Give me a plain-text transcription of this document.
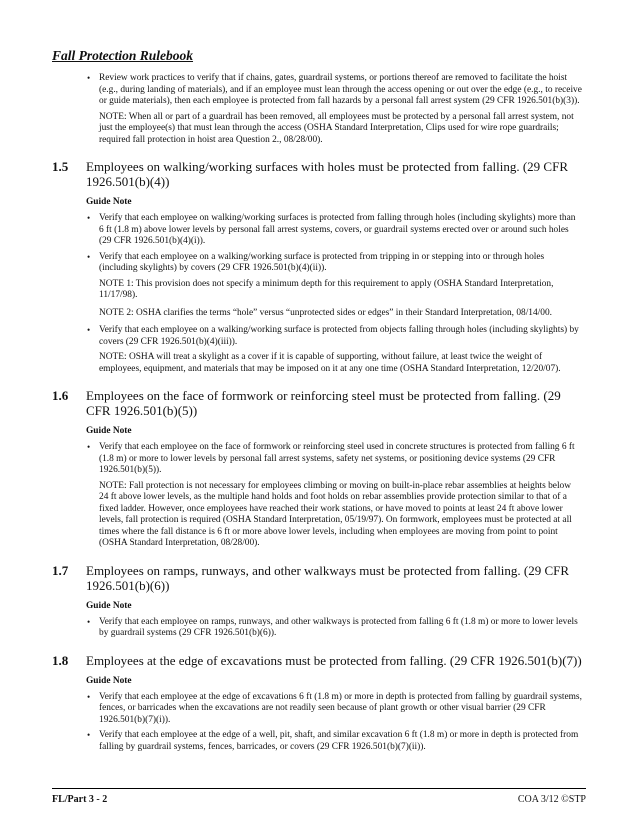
Fall Protection Rulebook
• Review work practices to verify that if chains, gates, guardrail systems, or portions thereof are removed to facilitate the hoist (e.g., during landing of materials), and if an employee must lean through the access opening or out over the edge (e.g., to receive or guide materials), then each employee is protected from fall hazards by a personal fall arrest system (29 CFR 1926.501(b)(3)).
NOTE: When all or part of a guardrail has been removed, all employees must be protected by a personal fall arrest system, not just the employee(s) that must lean through the access (OSHA Standard Interpretation, Clips used for wire rope guardrails; required fall protection in hoist area Question 2., 08/28/00).
1.5 Employees on walking/working surfaces with holes must be protected from falling. (29 CFR 1926.501(b)(4))
Guide Note
• Verify that each employee on walking/working surfaces is protected from falling through holes (including skylights) more than 6 ft (1.8 m) above lower levels by personal fall arrest systems, covers, or guardrail systems erected over or around such holes (29 CFR 1926.501(b)(4)(i)).
• Verify that each employee on a walking/working surface is protected from tripping in or stepping into or through holes (including skylights) by covers (29 CFR 1926.501(b)(4)(ii)).
NOTE 1: This provision does not specify a minimum depth for this requirement to apply (OSHA Standard Interpretation, 11/17/98).
NOTE 2: OSHA clarifies the terms “hole” versus “unprotected sides or edges” in their Standard Interpretation, 08/14/00.
• Verify that each employee on a walking/working surface is protected from objects falling through holes (including skylights) by covers (29 CFR 1926.501(b)(4)(iii)).
NOTE: OSHA will treat a skylight as a cover if it is capable of supporting, without failure, at least twice the weight of employees, equipment, and materials that may be imposed on it at any one time (OSHA Standard Interpretation, 12/20/07).
1.6 Employees on the face of formwork or reinforcing steel must be protected from falling. (29 CFR 1926.501(b)(5))
Guide Note
• Verify that each employee on the face of formwork or reinforcing steel used in concrete structures is protected from falling 6 ft (1.8 m) or more to lower levels by personal fall arrest systems, safety net systems, or positioning device systems (29 CFR 1926.501(b)(5)).
NOTE: Fall protection is not necessary for employees climbing or moving on built-in-place rebar assemblies at heights below 24 ft above lower levels, as the multiple hand holds and foot holds on rebar assemblies provide protection similar to that of a fixed ladder. However, once employees have reached their work stations, or have moved to points at least 24 ft above lower levels, fall protection is required (OSHA Standard Interpretation, 05/19/97). On formwork, employees must be protected at all times where the fall distance is 6 ft or more above lower levels, including when employees are moving from point to point (OSHA Standard Interpretation, 08/28/00).
1.7 Employees on ramps, runways, and other walkways must be protected from falling. (29 CFR 1926.501(b)(6))
Guide Note
• Verify that each employee on ramps, runways, and other walkways is protected from falling 6 ft (1.8 m) or more to lower levels by guardrail systems (29 CFR 1926.501(b)(6)).
1.8 Employees at the edge of excavations must be protected from falling. (29 CFR 1926.501(b)(7))
Guide Note
• Verify that each employee at the edge of excavations 6 ft (1.8 m) or more in depth is protected from falling by guardrail systems, fences, or barricades when the excavations are not readily seen because of plant growth or other visual barrier (29 CFR 1926.501(b)(7)(i)).
• Verify that each employee at the edge of a well, pit, shaft, and similar excavation 6 ft (1.8 m) or more in depth is protected from falling by guardrail systems, fences, barricades, or covers (29 CFR 1926.501(b)(7)(ii)).
FL/Part 3 - 2	COA 3/12 ©STP
